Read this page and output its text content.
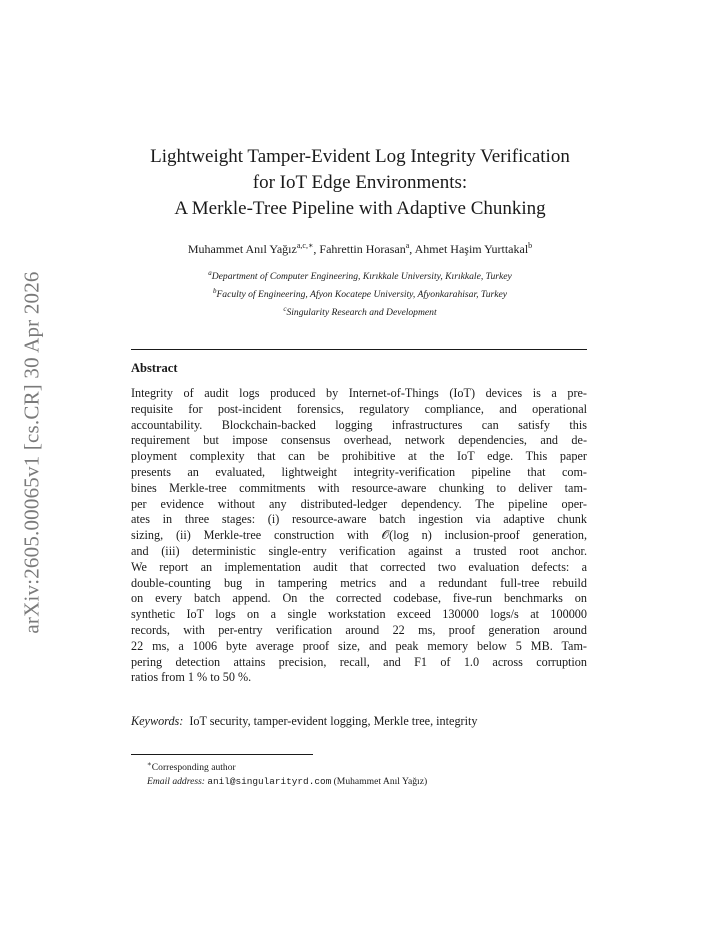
arXiv:2605.00065v1 [cs.CR] 30 Apr 2026
Lightweight Tamper-Evident Log Integrity Verification
for IoT Edge Environments:
A Merkle-Tree Pipeline with Adaptive Chunking
Muhammet Anıl Yağız$^{a,c,∗}$, Fahrettin Horasan$^a$, Ahmet Haşim Yurttakal$^b$
$^a$Department of Computer Engineering, Kırıkkale University, Kırıkkale, Turkey
$^b$Faculty of Engineering, Afyon Kocatepe University, Afyonkarahisar, Turkey
$^c$Singularity Research and Development
Abstract
Integrity of audit logs produced by Internet-of-Things (IoT) devices is a pre-
requisite for post-incident forensics, regulatory compliance, and operational
accountability. Blockchain-backed logging infrastructures can satisfy this
requirement but impose consensus overhead, network dependencies, and de-
ployment complexity that can be prohibitive at the IoT edge. This paper
presents an evaluated, lightweight integrity-verification pipeline that com-
bines Merkle-tree commitments with resource-aware chunking to deliver tam-
per evidence without any distributed-ledger dependency. The pipeline oper-
ates in three stages: (i) resource-aware batch ingestion via adaptive chunk
sizing, (ii) Merkle-tree construction with 𝒪(log n) inclusion-proof generation,
and (iii) deterministic single-entry verification against a trusted root anchor.
We report an implementation audit that corrected two evaluation defects: a
double-counting bug in tampering metrics and a redundant full-tree rebuild
on every batch append. On the corrected codebase, five-run benchmarks on
synthetic IoT logs on a single workstation exceed 130000 logs/s at 100000
records, with per-entry verification around 22 ms, proof generation around
22 ms, a 1006 byte average proof size, and peak memory below 5 MB. Tam-
pering detection attains precision, recall, and F1 of 1.0 across corruption
ratios from 1 % to 50 %.
Keywords: IoT security, tamper-evident logging, Merkle tree, integrity
∗Corresponding author
Email address: anil@singularityrd.com (Muhammet Anıl Yağız)
